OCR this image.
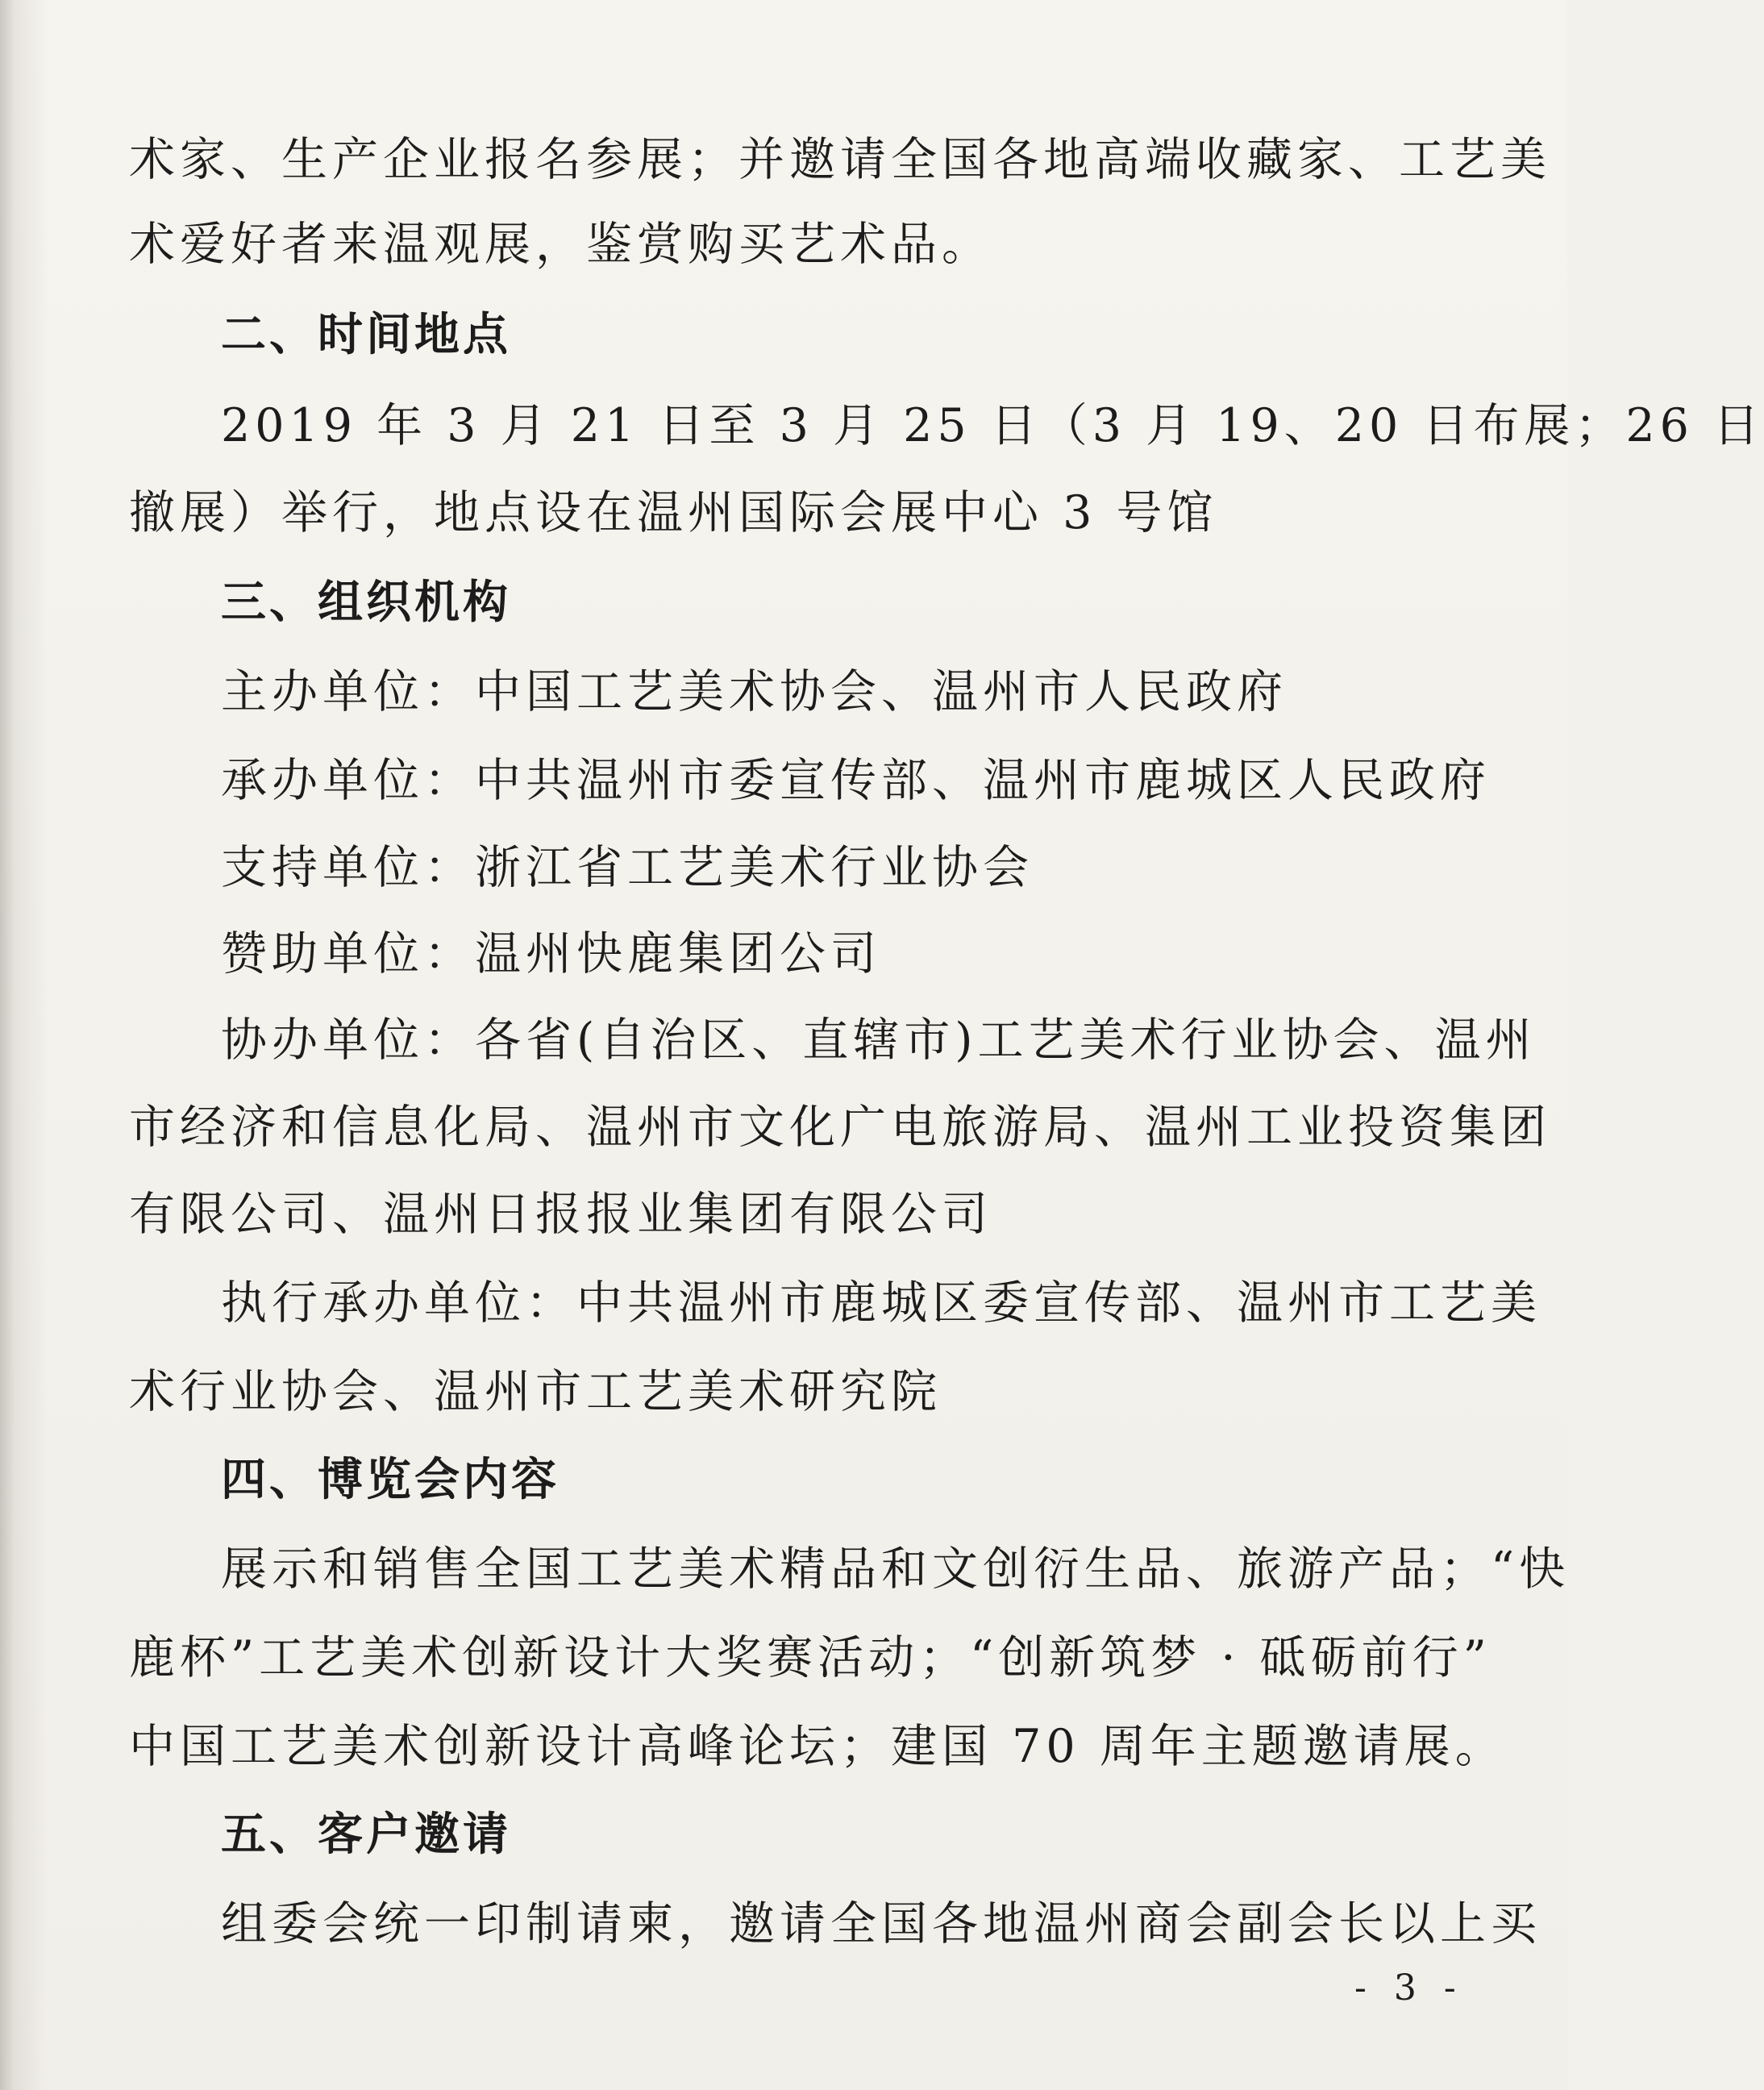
术家、生产企业报名参展；并邀请全国各地高端收藏家、工艺美
术爱好者来温观展，鉴赏购买艺术品。
二、时间地点
2019 年 3 月 21 日至 3 月 25 日（3 月 19、20 日布展；26 日
撤展）举行，地点设在温州国际会展中心 3 号馆
三、组织机构
主办单位：中国工艺美术协会、温州市人民政府
承办单位：中共温州市委宣传部、温州市鹿城区人民政府
支持单位：浙江省工艺美术行业协会
赞助单位：温州快鹿集团公司
协办单位：各省(自治区、直辖市)工艺美术行业协会、温州
市经济和信息化局、温州市文化广电旅游局、温州工业投资集团
有限公司、温州日报报业集团有限公司
执行承办单位：中共温州市鹿城区委宣传部、温州市工艺美
术行业协会、温州市工艺美术研究院
四、博览会内容
展示和销售全国工艺美术精品和文创衍生品、旅游产品；“快
鹿杯”工艺美术创新设计大奖赛活动；“创新筑梦 · 砥砺前行”
中国工艺美术创新设计高峰论坛；建国 70 周年主题邀请展。
五、客户邀请
组委会统一印制请柬，邀请全国各地温州商会副会长以上买
- 3 -
